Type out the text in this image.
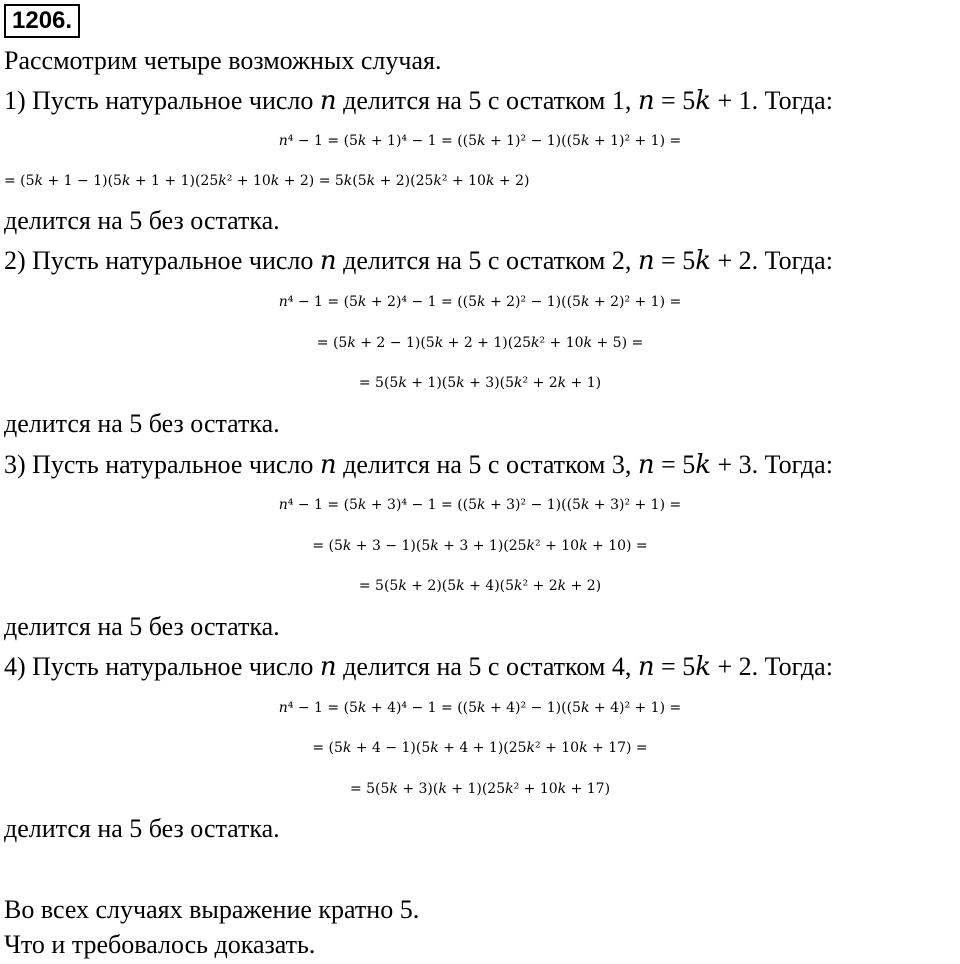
1206.
Рассмотрим четыре возможных случая.
1) Пусть натуральное число 𝑛 делится на 5 с остатком 1, 𝑛 = 5𝑘 + 1. Тогда:
𝑛⁴ − 1 = (5𝑘 + 1)⁴ − 1 = ((5𝑘 + 1)² − 1)((5𝑘 + 1)² + 1) =
= (5𝑘 + 1 − 1)(5𝑘 + 1 + 1)(25𝑘² + 10𝑘 + 2) = 5𝑘(5𝑘 + 2)(25𝑘² + 10𝑘 + 2)
делится на 5 без остатка.
2) Пусть натуральное число 𝑛 делится на 5 с остатком 2, 𝑛 = 5𝑘 + 2. Тогда:
𝑛⁴ − 1 = (5𝑘 + 2)⁴ − 1 = ((5𝑘 + 2)² − 1)((5𝑘 + 2)² + 1) =
= (5𝑘 + 2 − 1)(5𝑘 + 2 + 1)(25𝑘² + 10𝑘 + 5) =
= 5(5𝑘 + 1)(5𝑘 + 3)(5𝑘² + 2𝑘 + 1)
делится на 5 без остатка.
3) Пусть натуральное число 𝑛 делится на 5 с остатком 3, 𝑛 = 5𝑘 + 3. Тогда:
𝑛⁴ − 1 = (5𝑘 + 3)⁴ − 1 = ((5𝑘 + 3)² − 1)((5𝑘 + 3)² + 1) =
= (5𝑘 + 3 − 1)(5𝑘 + 3 + 1)(25𝑘² + 10𝑘 + 10) =
= 5(5𝑘 + 2)(5𝑘 + 4)(5𝑘² + 2𝑘 + 2)
делится на 5 без остатка.
4) Пусть натуральное число 𝑛 делится на 5 с остатком 4, 𝑛 = 5𝑘 + 2. Тогда:
𝑛⁴ − 1 = (5𝑘 + 4)⁴ − 1 = ((5𝑘 + 4)² − 1)((5𝑘 + 4)² + 1) =
= (5𝑘 + 4 − 1)(5𝑘 + 4 + 1)(25𝑘² + 10𝑘 + 17) =
= 5(5𝑘 + 3)(𝑘 + 1)(25𝑘² + 10𝑘 + 17)
делится на 5 без остатка.
Во всех случаях выражение кратно 5.
Что и требовалось доказать.
